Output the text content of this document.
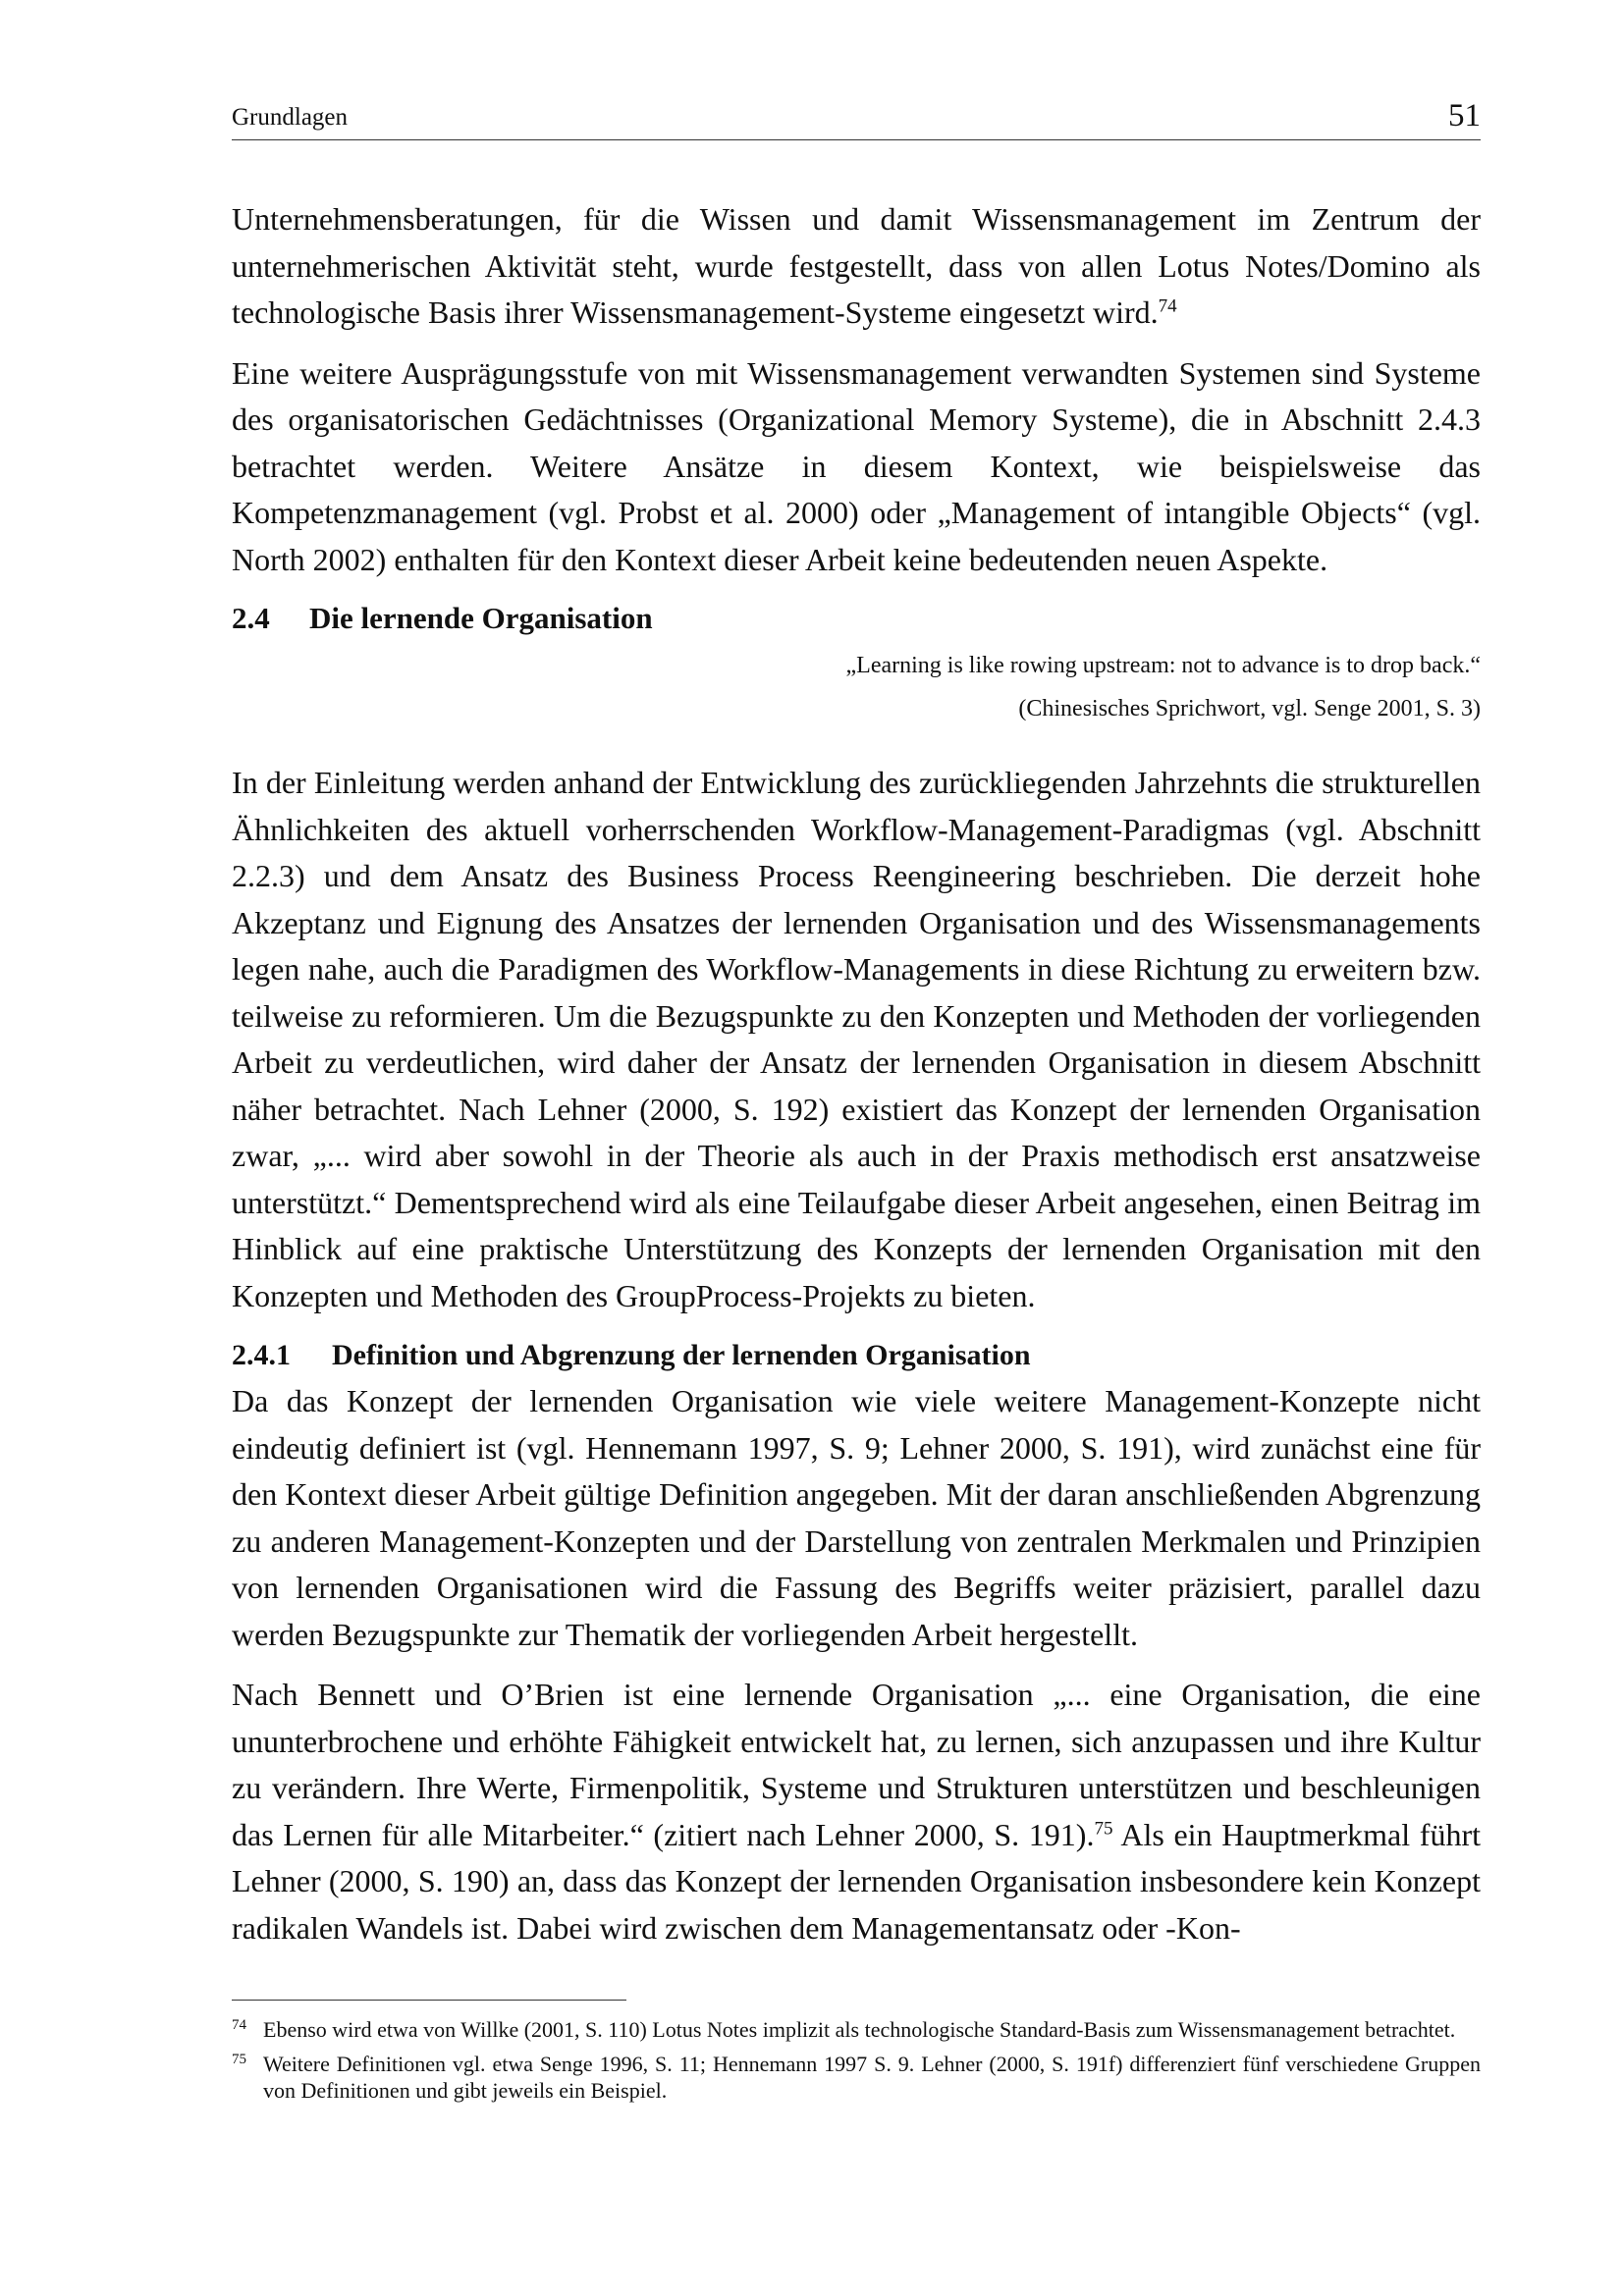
Grundlagen	51

Unternehmensberatungen, für die Wissen und damit Wissensmanagement im Zentrum der unternehmerischen Aktivität steht, wurde festgestellt, dass von allen Lotus Notes/Domino als technologische Basis ihrer Wissensmanagement-Systeme eingesetzt wird.$^{74}$

Eine weitere Ausprägungsstufe von mit Wissensmanagement verwandten Systemen sind Systeme des organisatorischen Gedächtnisses (Organizational Memory Systeme), die in Abschnitt 2.4.3 betrachtet werden. Weitere Ansätze in diesem Kontext, wie beispielsweise das Kompetenzmanagement (vgl. Probst et al. 2000) oder „Management of intangible Objects“ (vgl. North 2002) enthalten für den Kontext dieser Arbeit keine bedeutenden neuen Aspekte.

2.4 Die lernende Organisation
„Learning is like rowing upstream: not to advance is to drop back.“
(Chinesisches Sprichwort, vgl. Senge 2001, S. 3)

In der Einleitung werden anhand der Entwicklung des zurückliegenden Jahrzehnts die strukturellen Ähnlichkeiten des aktuell vorherrschenden Workflow-Management-Paradigmas (vgl. Abschnitt 2.2.3) und dem Ansatz des Business Process Reengineering beschrieben. Die derzeit hohe Akzeptanz und Eignung des Ansatzes der lernenden Organisation und des Wissensmanagements legen nahe, auch die Paradigmen des Workflow-Managements in diese Richtung zu erweitern bzw. teilweise zu reformieren. Um die Bezugspunkte zu den Konzepten und Methoden der vorliegenden Arbeit zu verdeutlichen, wird daher der Ansatz der lernenden Organisation in diesem Abschnitt näher betrachtet. Nach Lehner (2000, S. 192) existiert das Konzept der lernenden Organisation zwar, „... wird aber sowohl in der Theorie als auch in der Praxis methodisch erst ansatzweise unterstützt.“ Dementsprechend wird als eine Teilaufgabe dieser Arbeit angesehen, einen Beitrag im Hinblick auf eine praktische Unterstützung des Konzepts der lernenden Organisation mit den Konzepten und Methoden des GroupProcess-Projekts zu bieten.

2.4.1 Definition und Abgrenzung der lernenden Organisation

Da das Konzept der lernenden Organisation wie viele weitere Management-Konzepte nicht eindeutig definiert ist (vgl. Hennemann 1997, S. 9; Lehner 2000, S. 191), wird zunächst eine für den Kontext dieser Arbeit gültige Definition angegeben. Mit der daran anschließenden Abgrenzung zu anderen Management-Konzepten und der Darstellung von zentralen Merkmalen und Prinzipien von lernenden Organisationen wird die Fassung des Begriffs weiter präzisiert, parallel dazu werden Bezugspunkte zur Thematik der vorliegenden Arbeit hergestellt.

Nach Bennett und O’Brien ist eine lernende Organisation „... eine Organisation, die eine ununterbrochene und erhöhte Fähigkeit entwickelt hat, zu lernen, sich anzupassen und ihre Kultur zu verändern. Ihre Werte, Firmenpolitik, Systeme und Strukturen unterstützen und beschleunigen das Lernen für alle Mitarbeiter.“ (zitiert nach Lehner 2000, S. 191).$^{75}$ Als ein Hauptmerkmal führt Lehner (2000, S. 190) an, dass das Konzept der lernenden Organisation insbesondere kein Konzept radikalen Wandels ist. Dabei wird zwischen dem Managementansatz oder -Kon-

74 Ebenso wird etwa von Willke (2001, S. 110) Lotus Notes implizit als technologische Standard-Basis zum Wissensmanagement betrachtet.
75 Weitere Definitionen vgl. etwa Senge 1996, S. 11; Hennemann 1997 S. 9. Lehner (2000, S. 191f) differenziert fünf verschiedene Gruppen von Definitionen und gibt jeweils ein Beispiel.
